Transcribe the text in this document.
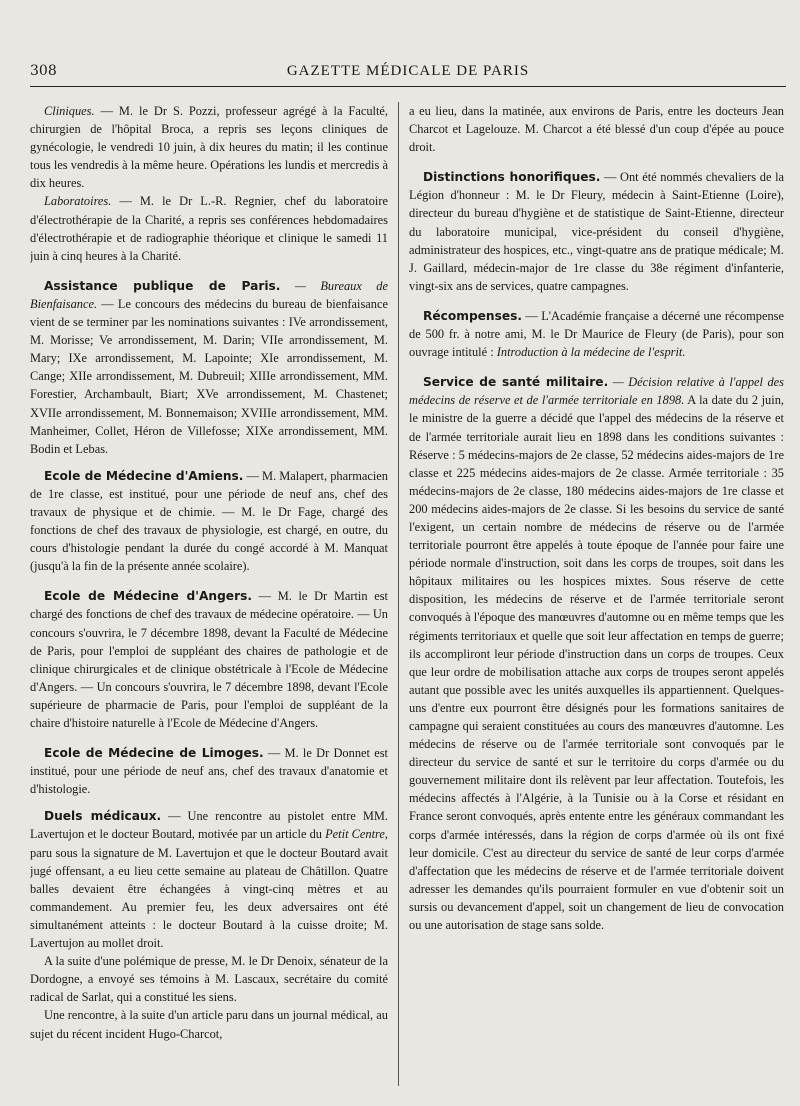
308	GAZETTE MÉDICALE DE PARIS

Cliniques. — M. le Dr S. Pozzi, professeur agrégé à la Faculté, chirurgien de l'hôpital Broca, a repris ses leçons cliniques de gynécologie, le vendredi 10 juin, à dix heures du matin; il les continue tous les vendredis à la même heure. Opérations les lundis et mercredis à dix heures.

Laboratoires. — M. le Dr L.-R. Regnier, chef du laboratoire d'électrothérapie de la Charité, a repris ses conférences hebdomadaires d'électrothérapie et de radiographie théorique et clinique le samedi 11 juin à cinq heures à la Charité.

Assistance publique de Paris. — Bureaux de Bienfaisance. — Le concours des médecins du bureau de bienfaisance vient de se terminer par les nominations suivantes : IVe arrondissement, M. Morisse; Ve arrondissement, M. Darin; VIIe arrondissement, M. Mary; IXe arrondissement, M. Lapointe; XIe arrondissement, M. Cange; XIIe arrondissement, M. Dubreuil; XIIIe arrondissement, MM. Forestier, Archambault, Biart; XVe arrondissement, M. Chastenet; XVIIe arrondissement, M. Bonnemaison; XVIIIe arrondissement, MM. Manheimer, Collet, Héron de Villefosse; XIXe arrondissement, MM. Bodin et Lebas.

Ecole de Médecine d'Amiens. — M. Malapert, pharmacien de 1re classe, est institué, pour une période de neuf ans, chef des travaux de physique et de chimie. — M. le Dr Fage, chargé des fonctions de chef des travaux de physiologie, est chargé, en outre, du cours d'histologie pendant la durée du congé accordé à M. Manquat (jusqu'à la fin de la présente année scolaire).

Ecole de Médecine d'Angers. — M. le Dr Martin est chargé des fonctions de chef des travaux de médecine opératoire. — Un concours s'ouvrira, le 7 décembre 1898, devant la Faculté de Médecine de Paris, pour l'emploi de suppléant des chaires de pathologie et de clinique chirurgicales et de clinique obstétricale à l'Ecole de Médecine d'Angers. — Un concours s'ouvrira, le 7 décembre 1898, devant l'Ecole supérieure de pharmacie de Paris, pour l'emploi de suppléant de la chaire d'histoire naturelle à l'Ecole de Médecine d'Angers.

Ecole de Médecine de Limoges. — M. le Dr Donnet est institué, pour une période de neuf ans, chef des travaux d'anatomie et d'histologie.

Duels médicaux. — Une rencontre au pistolet entre MM. Lavertujon et le docteur Boutard, motivée par un article du Petit Centre, paru sous la signature de M. Lavertujon et que le docteur Boutard avait jugé offensant, a eu lieu cette semaine au plateau de Châtillon. Quatre balles devaient être échangées à vingt-cinq mètres et au commandement. Au premier feu, les deux adversaires ont été simultanément atteints : le docteur Boutard à la cuisse droite; M. Lavertujon au mollet droit.

A la suite d'une polémique de presse, M. le Dr Denoix, sénateur de la Dordogne, a envoyé ses témoins à M. Lascaux, secrétaire du comité radical de Sarlat, qui a constitué les siens.

Une rencontre, à la suite d'un article paru dans un journal médical, au sujet du récent incident Hugo-Charcot,

a eu lieu, dans la matinée, aux environs de Paris, entre les docteurs Jean Charcot et Lagelouze. M. Charcot a été blessé d'un coup d'épée au pouce droit.

Distinctions honorifiques. — Ont été nommés chevaliers de la Légion d'honneur : M. le Dr Fleury, médecin à Saint-Etienne (Loire), directeur du bureau d'hygiène et de statistique de Saint-Etienne, directeur du laboratoire municipal, vice-président du conseil d'hygiène, administrateur des hospices, etc., vingt-quatre ans de pratique médicale; M. J. Gaillard, médecin-major de 1re classe du 38e régiment d'infanterie, vingt-six ans de services, quatre campagnes.

Récompenses. — L'Académie française a décerné une récompense de 500 fr. à notre ami, M. le Dr Maurice de Fleury (de Paris), pour son ouvrage intitulé : Introduction à la médecine de l'esprit.

Service de santé militaire. — Décision relative à l'appel des médecins de réserve et de l'armée territoriale en 1898. A la date du 2 juin, le ministre de la guerre a décidé que l'appel des médecins de la réserve et de l'armée territoriale aurait lieu en 1898 dans les conditions suivantes : Réserve : 5 médecins-majors de 2e classe, 52 médecins aides-majors de 1re classe et 225 médecins aides-majors de 2e classe. Armée territoriale : 35 médecins-majors de 2e classe, 180 médecins aides-majors de 1re classe et 200 médecins aides-majors de 2e classe. Si les besoins du service de santé l'exigent, un certain nombre de médecins de réserve ou de l'armée territoriale pourront être appelés à toute époque de l'année pour faire une période normale d'instruction, soit dans les corps de troupes, soit dans les hôpitaux militaires ou les hospices mixtes. Sous réserve de cette disposition, les médecins de réserve et de l'armée territoriale seront convoqués à l'époque des manœuvres d'automne ou en même temps que les régiments territoriaux et quelle que soit leur affectation en temps de guerre; ils accompliront leur période d'instruction dans un corps de troupes. Ceux que leur ordre de mobilisation attache aux corps de troupes seront appelés autant que possible avec les unités auxquelles ils appartiennent. Quelques-uns d'entre eux pourront être désignés pour les formations sanitaires de campagne qui seraient constituées au cours des manœuvres d'automne. Les médecins de réserve ou de l'armée territoriale sont convoqués par le directeur du service de santé et sur le territoire du corps d'armée ou du gouvernement militaire dont ils relèvent par leur affectation. Toutefois, les médecins affectés à l'Algérie, à la Tunisie ou à la Corse et résidant en France seront convoqués, après entente entre les généraux commandant les corps d'armée intéressés, dans la région de corps d'armée où ils ont fixé leur domicile. C'est au directeur du service de santé de leur corps d'armée d'affectation que les médecins de réserve et de l'armée territoriale doivent adresser les demandes qu'ils pourraient formuler en vue d'obtenir soit un sursis ou devancement d'appel, soit un changement de lieu de convocation ou une autorisation de stage sans solde.
